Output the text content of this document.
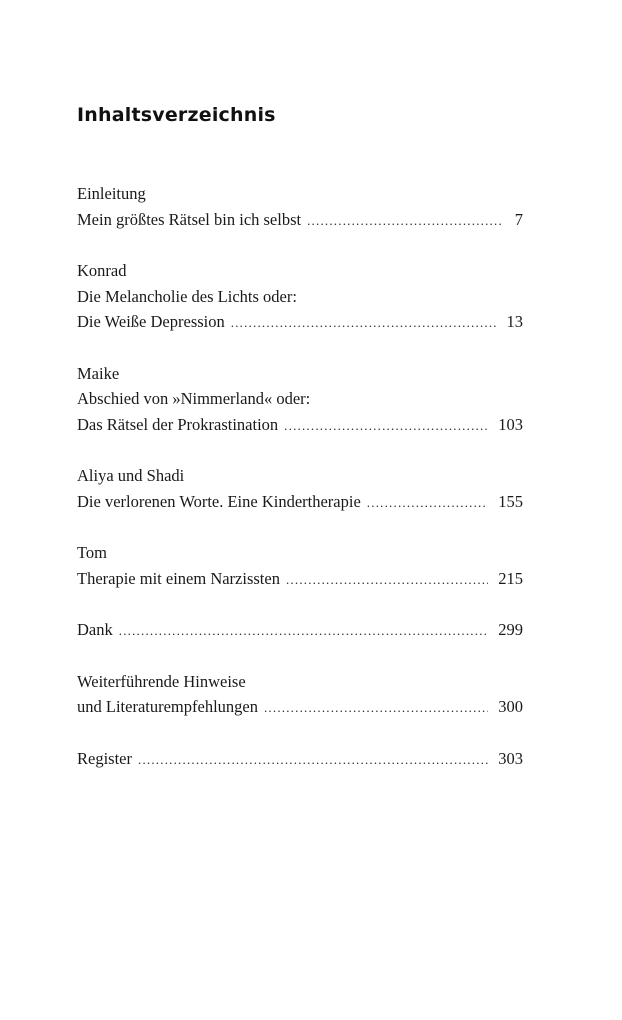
Inhaltsverzeichnis
Einleitung
Mein größtes Rätsel bin ich selbst .....	7
Konrad
Die Melancholie des Lichts oder:
Die Weiße Depression .....	13
Maike
Abschied von »Nimmerland« oder:
Das Rätsel der Prokrastination .....	103
Aliya und Shadi
Die verlorenen Worte. Eine Kindertherapie .....	155
Tom
Therapie mit einem Narzissten .....	215
Dank .....	299
Weiterführende Hinweise
und Literaturempfehlungen .....	300
Register .....	303
